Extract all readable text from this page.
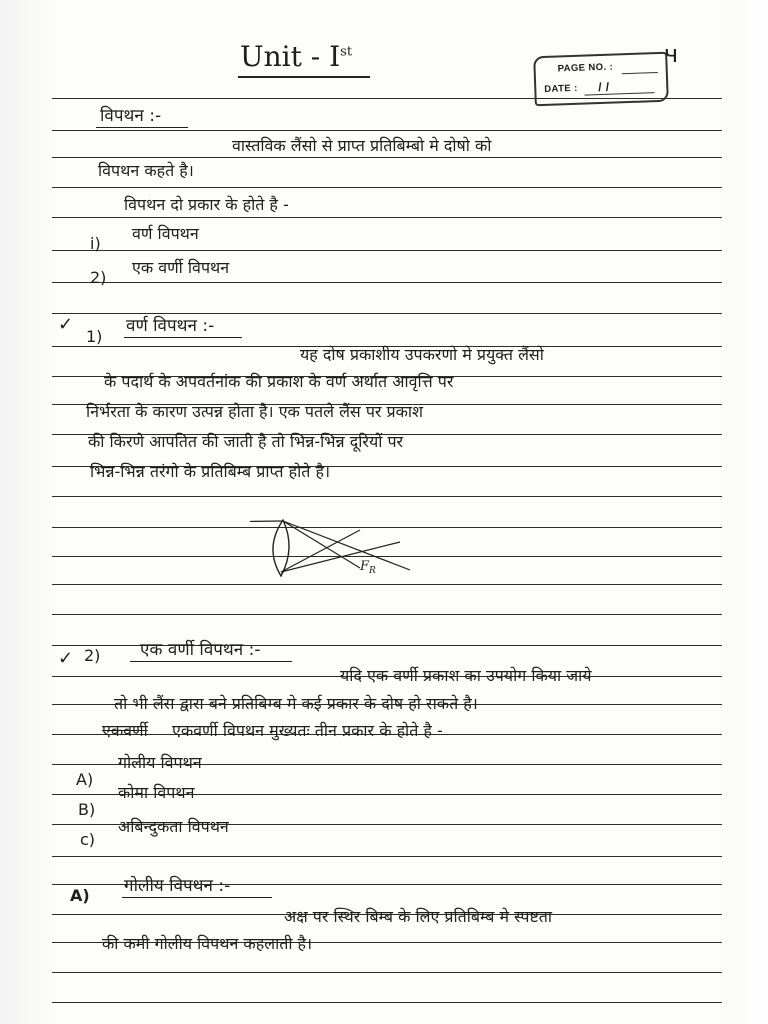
Unit - Ist
PAGE NO. :
DATE : / /
ч
विपथन :-
वास्तविक लैंसो से प्राप्त प्रतिबिम्बो मे दोषो को
विपथन कहते है।
विपथन दो प्रकार के होते है -
i)
वर्ण विपथन
2)
एक वर्णी विपथन
✓
1)
वर्ण विपथन :-
यह दोष प्रकाशीय उपकरणो मे प्रयुक्त लैंसो
के पदार्थ के अपवर्तनांक की प्रकाश के वर्ण अर्थात आवृत्ति पर
निर्भरता के कारण उत्पन्न होता है। एक पतले लैंस पर प्रकाश
की किरणे आपतित की जाती है तो भिन्न-भिन्न दूरियों पर
भिन्न-भिन्न तरंगो के प्रतिबिम्ब प्राप्त होते है।
$F_R$
✓ 2) एक वर्णी विपथन :-
यदि एक वर्णी प्रकाश का उपयोग किया जाये
तो भी लैंस द्वारा बने प्रतिबिम्ब मे कई प्रकार के दोष हो सकते है।
एकवर्णी एकवर्णी विपथन मुख्यतः तीन प्रकार के होते है -
गोलीय विपथन
A)
कोमा विपथन
B)
अबिन्दुकता विपथन
c)
A) गोलीय विपथन :-
अक्ष पर स्थिर बिम्ब के लिए प्रतिबिम्ब मे स्पष्टता
की कमी गोलीय विपथन कहलाती है।
